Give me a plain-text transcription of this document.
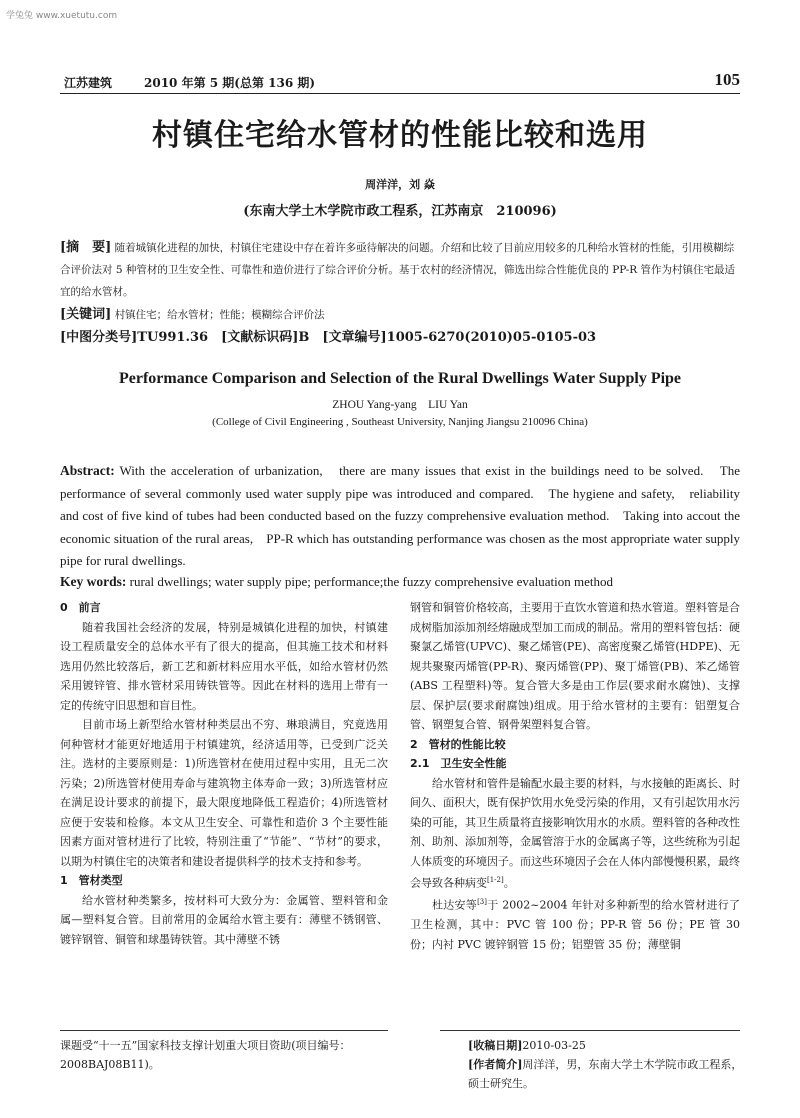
学兔兔 www.xuetutu.com
江苏建筑	2010 年第 5 期(总第 136 期)	105
村镇住宅给水管材的性能比较和选用
周洋洋，刘 焱
(东南大学土木学院市政工程系，江苏南京　210096)
[摘　要] 随着城镇化进程的加快，村镇住宅建设中存在着许多亟待解决的问题。介绍和比较了目前应用较多的几种给水管材的性能，引用模糊综合评价法对 5 种管材的卫生安全性、可靠性和造价进行了综合评价分析。基于农村的经济情况，筛选出综合性能优良的 PP-R 管作为村镇住宅最适宜的给水管材。
[关键词] 村镇住宅；给水管材；性能；模糊综合评价法
[中图分类号]TU991.36　[文献标识码]B　[文章编号]1005-6270(2010)05-0105-03
Performance Comparison and Selection of the Rural Dwellings Water Supply Pipe
ZHOU Yang-yang　LIU Yan
(College of Civil Engineering , Southeast University, Nanjing Jiangsu 210096 China)
Abstract: With the acceleration of urbanization,　there are many issues that exist in the buildings need to be solved.　The performance of several commonly used water supply pipe was introduced and compared.　The hygiene and safety,　reliability and cost of five kind of tubes had been conducted based on the fuzzy comprehensive evaluation method.　Taking into accout the economic situation of the rural areas,　PP-R which has outstanding performance was chosen as the most appropriate water supply pipe for rural dwellings.
Key words: rural dwellings; water supply pipe; performance;the fuzzy comprehensive evaluation method

0　前言

随着我国社会经济的发展，特别是城镇化进程的加快，村镇建设工程质量安全的总体水平有了很大的提高，但其施工技术和材料选用仍然比较落后，新工艺和新材料应用水平低，如给水管材仍然采用镀锌管、排水管材采用铸铁管等。因此在材料的选用上带有一定的传统守旧思想和盲目性。

目前市场上新型给水管材种类层出不穷、琳琅满目，究竟选用何种管材才能更好地适用于村镇建筑，经济适用等，已受到广泛关注。选材的主要原则是：1)所选管材在使用过程中实用，且无二次污染；2)所选管材使用寿命与建筑物主体寿命一致；3)所选管材应在满足设计要求的前提下，最大限度地降低工程造价；4)所选管材应便于安装和检修。本文从卫生安全、可靠性和造价 3 个主要性能因素方面对管材进行了比较，特别注重了“节能”、“节材”的要求，以期为村镇住宅的决策者和建设者提供科学的技术支持和参考。

1　管材类型

给水管材种类繁多，按材料可大致分为：金属管、塑料管和金属—塑料复合管。目前常用的金属给水管主要有：薄壁不锈钢管、镀锌钢管、铜管和球墨铸铁管。其中薄壁不锈

钢管和铜管价格较高，主要用于直饮水管道和热水管道。塑料管是合成树脂加添加剂经熔融成型加工而成的制品。常用的塑料管包括：硬聚氯乙烯管(UPVC)、聚乙烯管(PE)、高密度聚乙烯管(HDPE)、无规共聚聚丙烯管(PP-R)、聚丙烯管(PP)、聚丁烯管(PB)、苯乙烯管(ABS 工程塑料)等。复合管大多是由工作层(要求耐水腐蚀)、支撑层、保护层(要求耐腐蚀)组成。用于给水管材的主要有：铝塑复合管、钢塑复合管、钢骨架塑料复合管。

2　管材的性能比较

2.1　卫生安全性能

给水管材和管件是输配水最主要的材料，与水接触的距离长、时间久、面积大，既有保护饮用水免受污染的作用，又有引起饮用水污染的可能，其卫生质量将直接影响饮用水的水质。塑料管的各种改性剂、助剂、添加剂等，金属管溶于水的金属离子等，这些统称为引起人体质变的环境因子。而这些环境因子会在人体内部慢慢积累，最终会导致各种病变[1-2]。

杜达安等[3]于 2002~2004 年针对多种新型的给水管材进行了卫生检测，其中：PVC 管 100 份；PP-R 管 56 份；PE 管 30 份；内衬 PVC 镀锌钢管 15 份；铝塑管 35 份；薄壁铜

课题受“十一五”国家科技支撑计划重大项目资助(项目编号：2008BAJ08B11)。
[收稿日期]2010-03-25
[作者简介]周洋洋，男，东南大学土木学院市政工程系，硕士研究生。
